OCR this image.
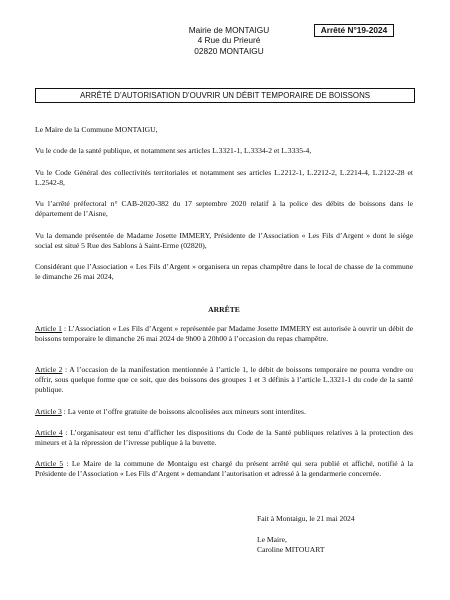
Mairie de MONTAIGU
4 Rue du Prieuré
02820 MONTAIGU
Arrêté N°19-2024
ARRÊTÉ D’AUTORISATION D’OUVRIR UN DÉBIT TEMPORAIRE DE BOISSONS
Le Maire de la Commune MONTAIGU,
Vu le code de la santé publique, et notamment ses articles L.3321-1, L.3334-2 et L.3335-4,
Vu le Code Général des collectivités territoriales et notamment ses articles L.2212-1, L.2212-2, L.2214-4, L.2122-28 et L.2542-8,
Vu l’arrêté préfectoral n° CAB-2020-382 du 17 septembre 2020 relatif à la police des débits de boissons dans le département de l’Aisne,
Vu la demande présentée de Madame Josette IMMERY, Présidente de l’Association « Les Fils d’Argent » dont le siège social est situé 5 Rue des Sablons à Saint-Erme (02820),
Considérant que l’Association « Les Fils d’Argent » organisera un repas champêtre dans le local de chasse de la commune le dimanche 26 mai 2024,
ARRÊTE
Article 1 : L’Association « Les Fils d’Argent » représentée par Madame Josette IMMERY est autorisée à ouvrir un débit de boissons temporaire le dimanche 26 mai 2024 de 9h00 à 20h00 à l’occasion du repas champêtre.
Article 2 : A l’occasion de la manifestation mentionnée à l’article 1, le débit de boissons temporaire ne pourra vendre ou offrir, sous quelque forme que ce soit, que des boissons des groupes 1 et 3 définis à l’article L.3321-1 du code de la santé publique.
Article 3 : La vente et l’offre gratuite de boissons alcoolisées aux mineurs sont interdites.
Article 4 : L’organisateur est tenu d’afficher les dispositions du Code de la Santé publiques relatives à la protection des mineurs et à la répression de l’ivresse publique à la buvette.
Article 5 : Le Maire de la commune de Montaigu est chargé du présent arrêté qui sera publié et affiché, notifié à la Présidente de l’Association « Les Fils d’Argent » demandant l’autorisation et adressé à la gendarmerie concernée.
Fait à Montaigu, le 21 mai 2024
Le Maire,
Caroline MITOUART
